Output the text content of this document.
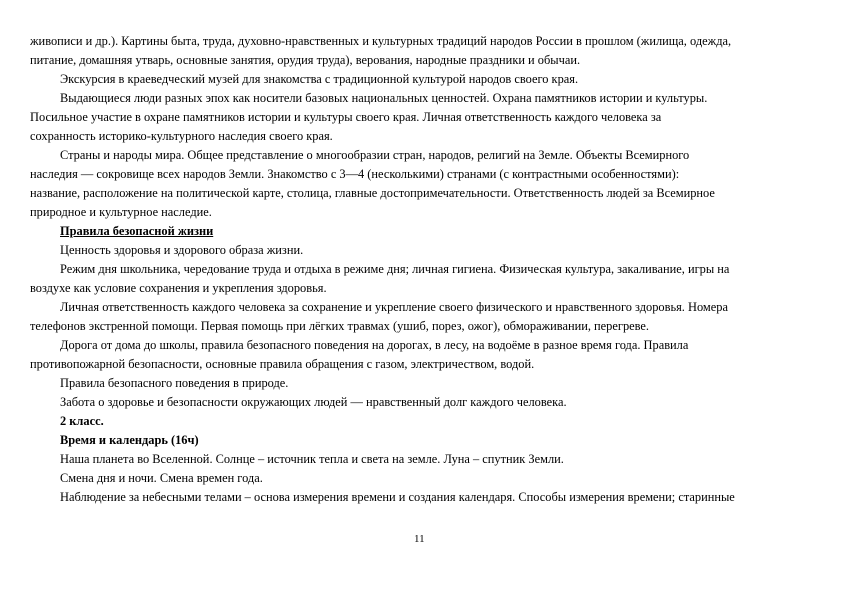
живописи и др.). Картины быта, труда, духовно-нравственных и культурных традиций народов России в прошлом (жилища, одежда,
питание, домашняя утварь, основные занятия, орудия труда), верования, народные праздники и обычаи.
Экскурсия в краеведческий музей для знакомства с традиционной культурой народов своего края.
Выдающиеся люди разных эпох как носители базовых национальных ценностей. Охрана памятников истории и культуры.
Посильное участие в охране памятников истории и культуры своего края. Личная ответственность каждого человека за
сохранность историко-культурного наследия своего края.
Страны и народы мира. Общее представление о многообразии стран, народов, религий на Земле. Объекты Всемирного
наследия — сокровище всех народов Земли. Знакомство с 3—4 (несколькими) странами (с контрастными особенностями):
название, расположение на политической карте, столица, главные достопримечательности. Ответственность людей за Всемирное
природное и культурное наследие.
Правила безопасной жизни
Ценность здоровья и здорового образа жизни.
Режим дня школьника, чередование труда и отдыха в режиме дня; личная гигиена. Физическая культура, закаливание, игры на
воздухе как условие сохранения и укрепления здоровья.
Личная ответственность каждого человека за сохранение и укрепление своего физического и нравственного здоровья. Номера
телефонов экстренной помощи. Первая помощь при лёгких травмах (ушиб, порез, ожог), обмораживании, перегреве.
Дорога от дома до школы, правила безопасного поведения на дорогах, в лесу, на водоёме в разное время года. Правила
противопожарной безопасности, основные правила обращения с газом, электричеством, водой.
Правила безопасного поведения в природе.
Забота о здоровье и безопасности окружающих людей — нравственный долг каждого человека.
2 класс.
Время и календарь (16ч)
Наша планета во Вселенной. Солнце – источник тепла и света на земле. Луна – спутник Земли.
Смена дня и ночи. Смена времен года.
Наблюдение за небесными телами – основа измерения времени и создания календаря. Способы измерения времени; старинные
11
